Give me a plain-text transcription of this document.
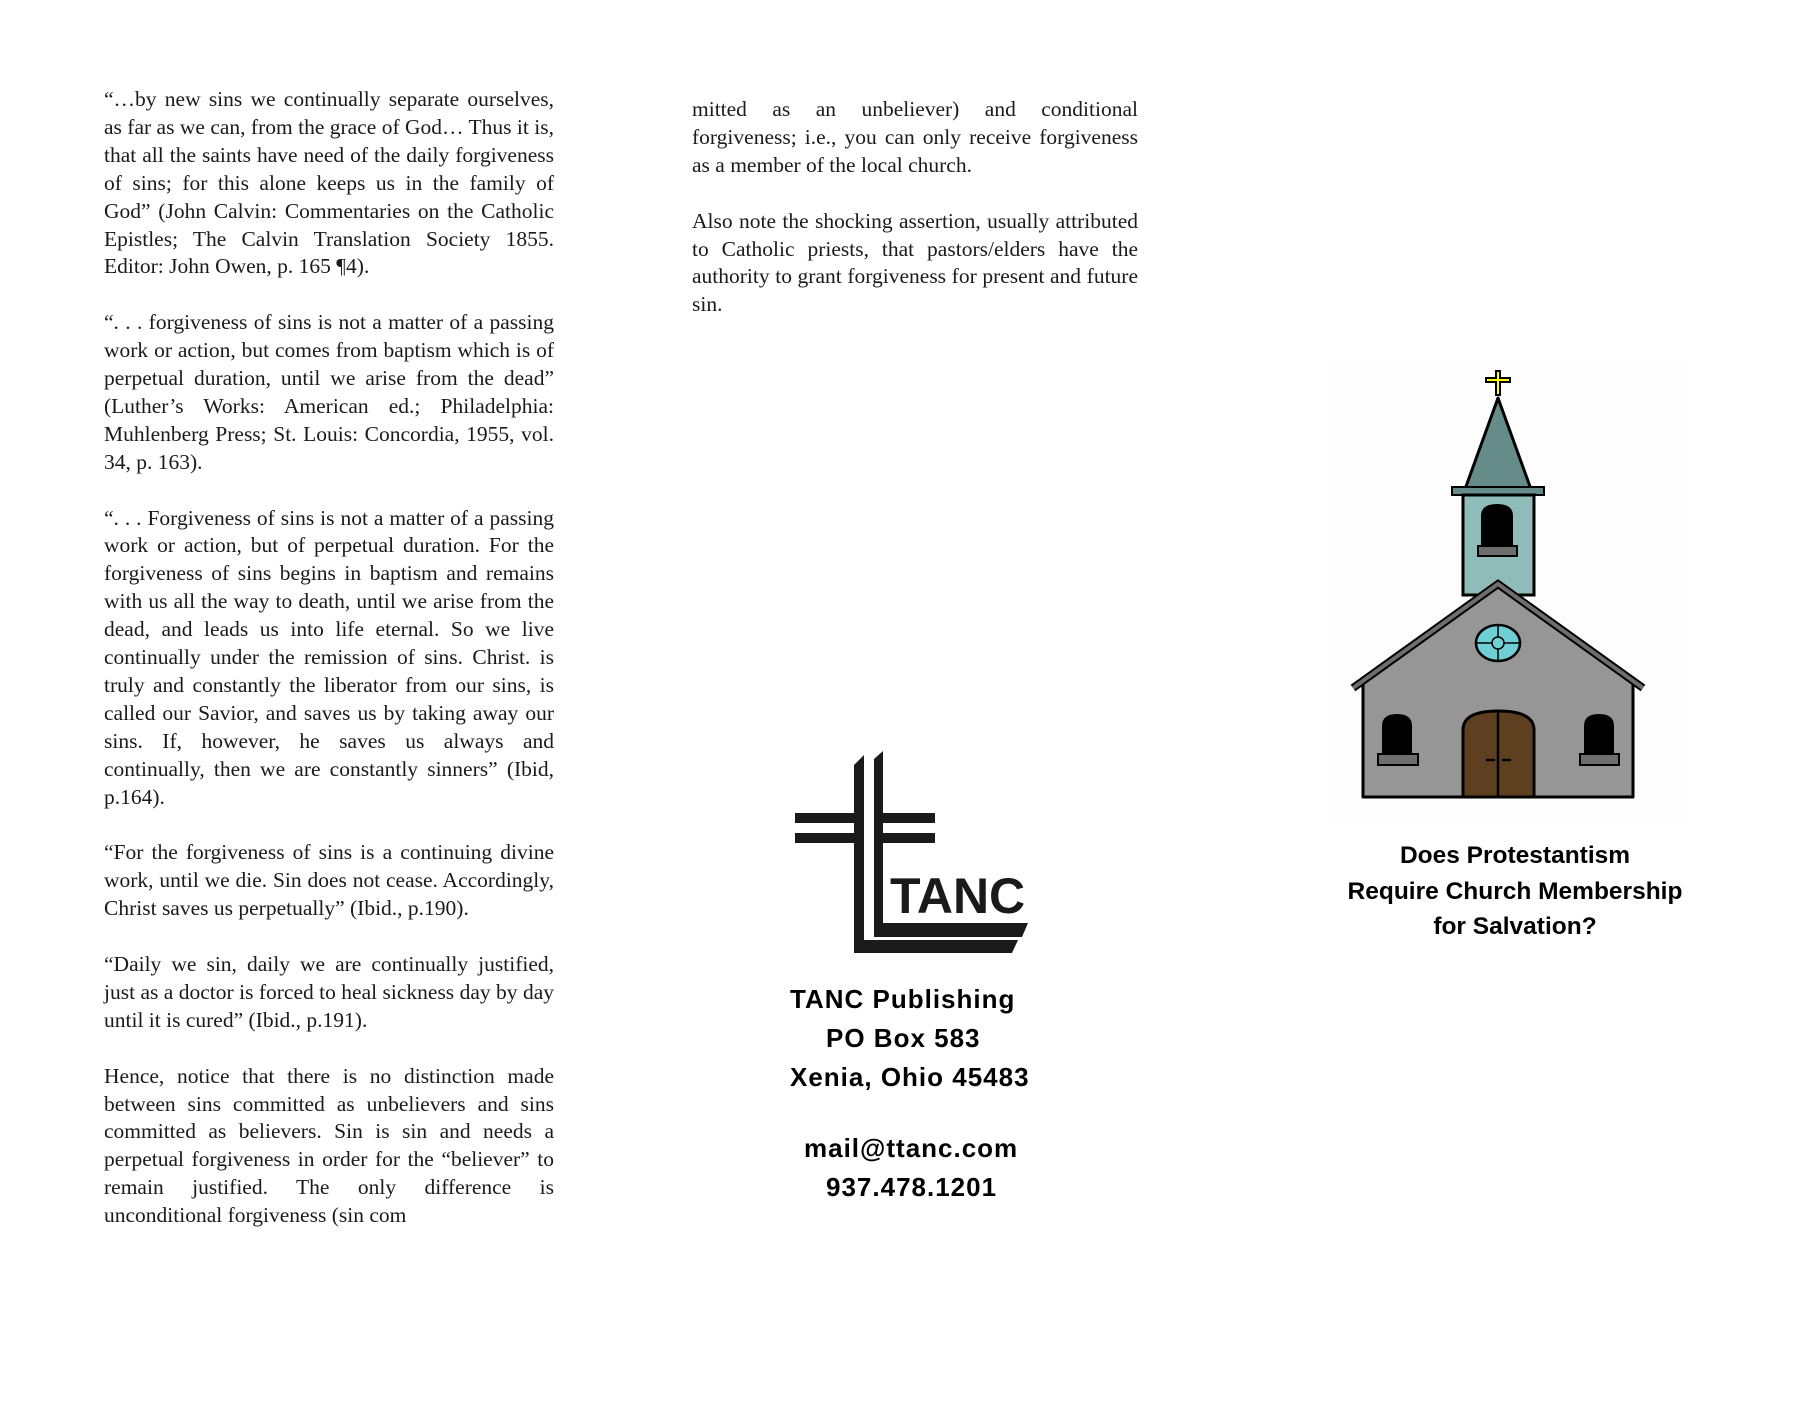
“…by new sins we continually separate ourselves, as far as we can, from the grace of God… Thus it is, that all the saints have need of the daily forgiveness of sins; for this alone keeps us in the family of God” (John Calvin: Commentaries on the Catholic Epistles; The Calvin Translation Society 1855. Editor: John Owen, p. 165 ¶4).

“. . . forgiveness of sins is not a matter of a passing work or action, but comes from baptism which is of perpetual duration, until we arise from the dead” (Luther’s Works: American ed.; Philadelphia: Muhlenberg Press; St. Louis: Concordia, 1955, vol. 34, p. 163).

“. . . Forgiveness of sins is not a matter of a passing work or action, but of perpetual duration. For the forgiveness of sins begins in baptism and remains with us all the way to death, until we arise from the dead, and leads us into life eternal. So we live continually under the remission of sins. Christ. is truly and constantly the liberator from our sins, is called our Savior, and saves us by taking away our sins. If, however, he saves us always and continually, then we are constantly sinners” (Ibid, p.164).

“For the forgiveness of sins is a continuing divine work, until we die. Sin does not cease. Accordingly, Christ saves us perpetually” (Ibid., p.190).

“Daily we sin, daily we are continually justified, just as a doctor is forced to heal sickness day by day until it is cured” (Ibid., p.191).

Hence, notice that there is no distinction made between sins committed as unbelievers and sins committed as believers. Sin is sin and needs a perpetual forgiveness in order for the “believer” to remain justified. The only difference is unconditional forgiveness (sin com

mitted as an unbeliever) and conditional forgiveness; i.e., you can only receive forgiveness as a member of the local church.

Also note the shocking assertion, usually attributed to Catholic priests, that pastors/elders have the authority to grant forgiveness for present and future sin.

TANC
TANC Publishing
PO Box 583
Xenia, Ohio 45483
mail@ttanc.com
937.478.1201
Does Protestantism
Require Church Membership
for Salvation?
